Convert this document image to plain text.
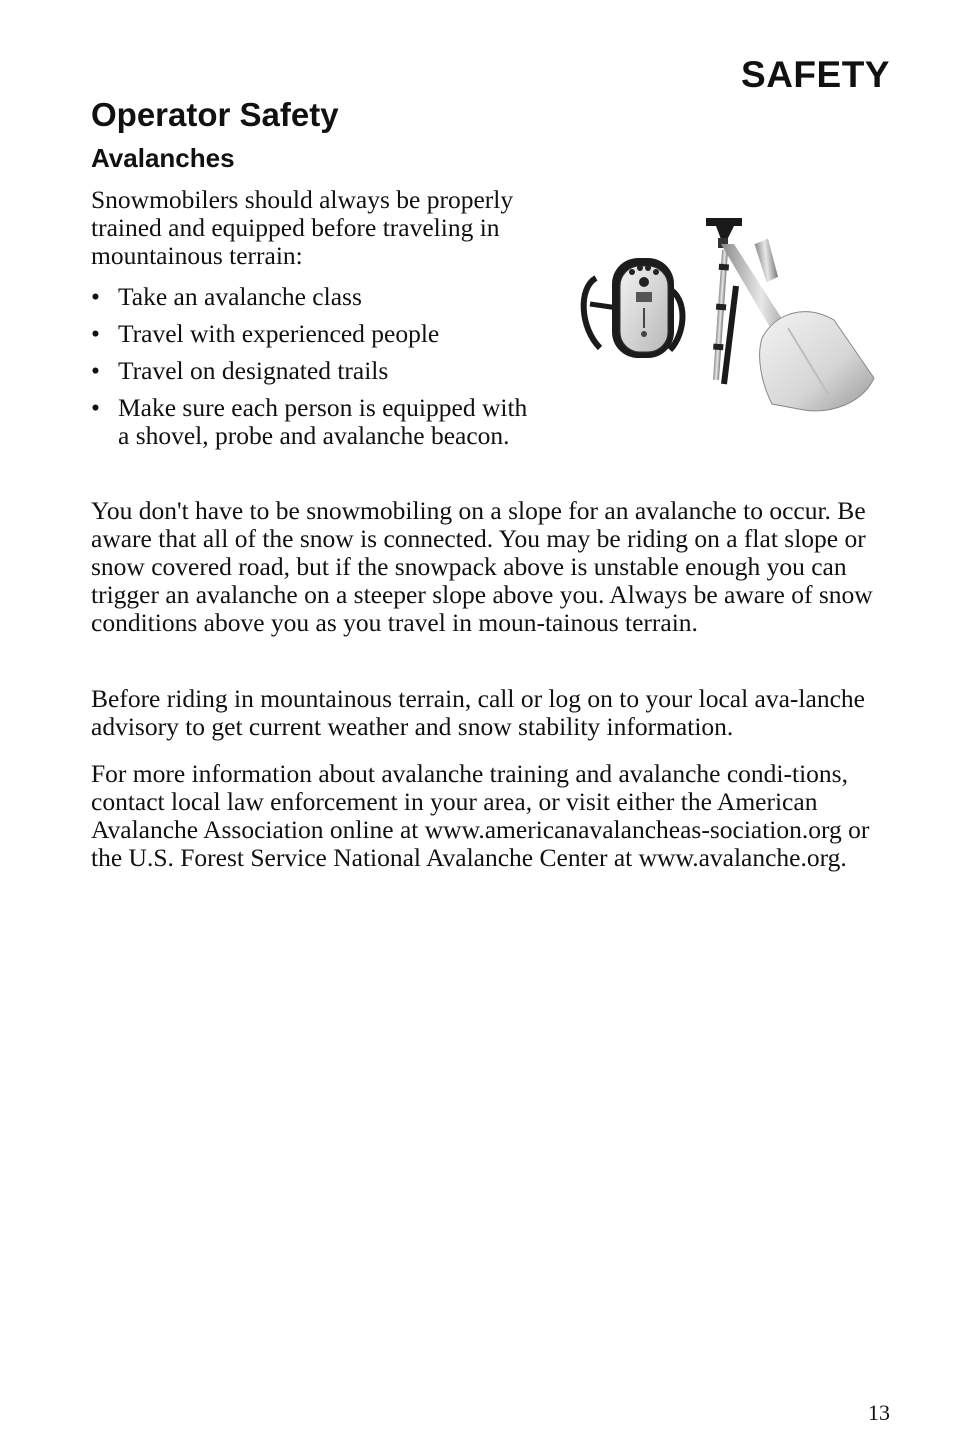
SAFETY
Operator Safety
Avalanches

Snowmobilers should always be properly trained and equipped before traveling in mountainous terrain:

• Take an avalanche class
• Travel with experienced people
• Travel on designated trails
• Make sure each person is equipped with a shovel, probe and avalanche beacon.

You don't have to be snowmobiling on a slope for an avalanche to occur. Be aware that all of the snow is connected. You may be riding on a flat slope or snow covered road, but if the snowpack above is unstable enough you can trigger an avalanche on a steeper slope above you. Always be aware of snow conditions above you as you travel in moun-tainous terrain.

Before riding in mountainous terrain, call or log on to your local ava-lanche advisory to get current weather and snow stability information.

For more information about avalanche training and avalanche condi-tions, contact local law enforcement in your area, or visit either the American Avalanche Association online at www.americanavalancheas-sociation.org or the U.S. Forest Service National Avalanche Center at www.avalanche.org.

13
